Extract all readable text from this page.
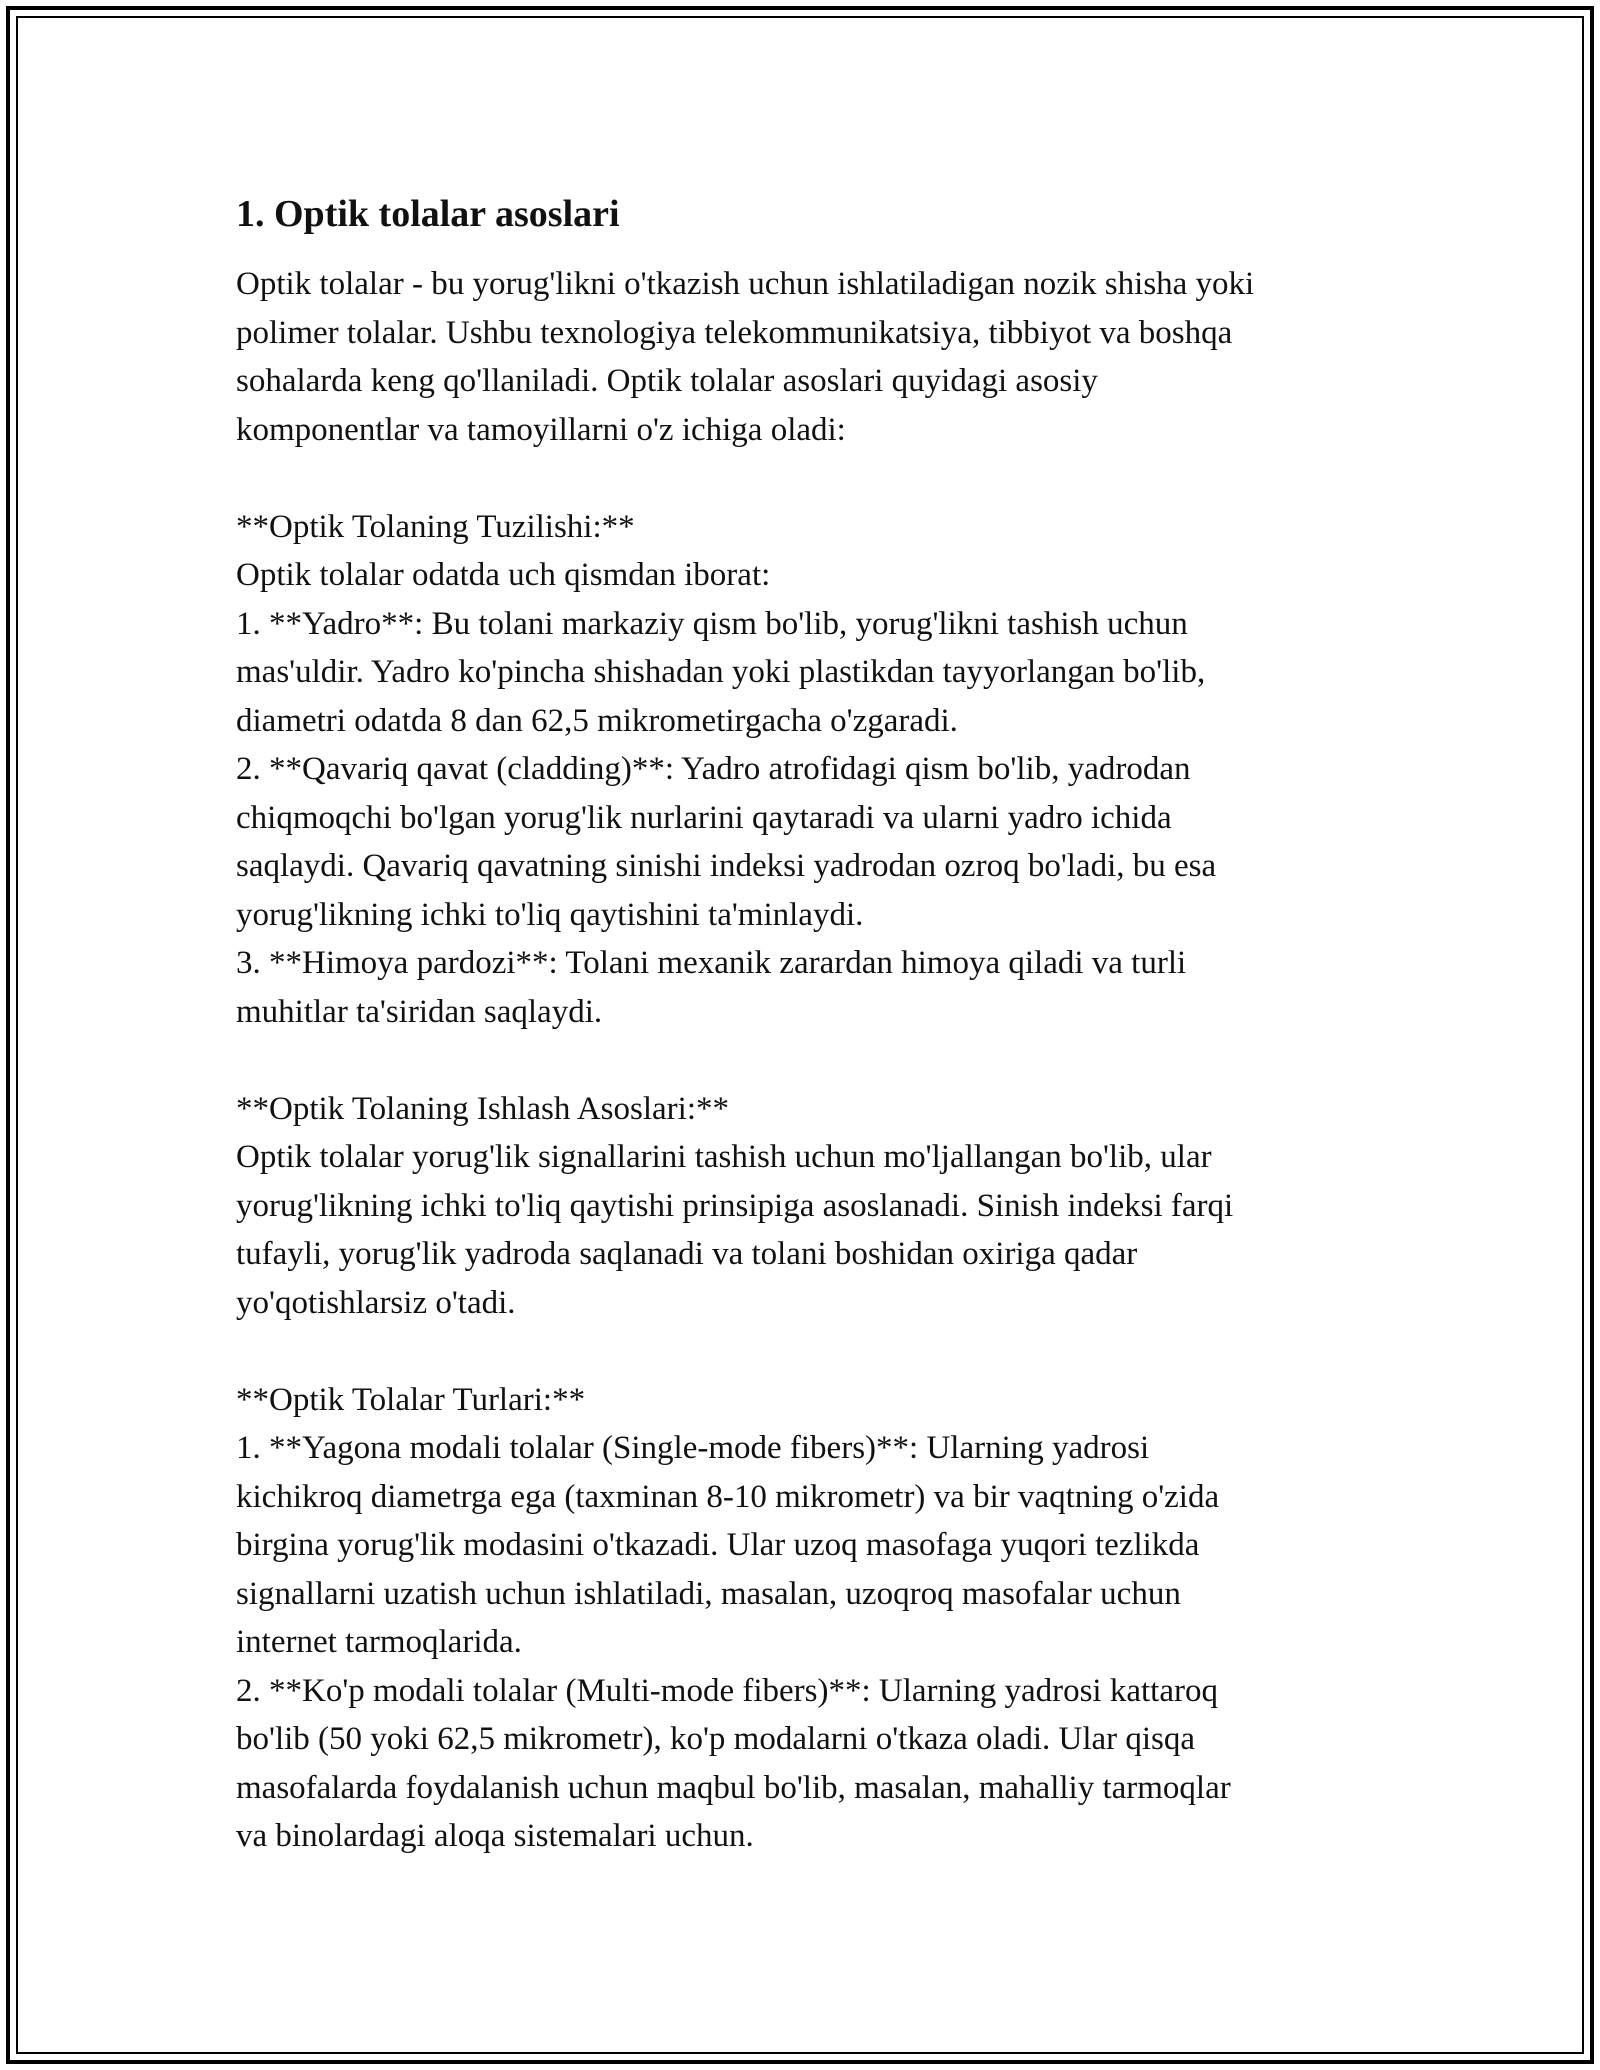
1. Optik tolalar asoslari
Optik tolalar - bu yorug'likni o'tkazish uchun ishlatiladigan nozik shisha yoki
polimer tolalar. Ushbu texnologiya telekommunikatsiya, tibbiyot va boshqa
sohalarda keng qo'llaniladi. Optik tolalar asoslari quyidagi asosiy
komponentlar va tamoyillarni o'z ichiga oladi:
**Optik Tolaning Tuzilishi:**
Optik tolalar odatda uch qismdan iborat:
1. **Yadro**: Bu tolani markaziy qism bo'lib, yorug'likni tashish uchun
mas'uldir. Yadro ko'pincha shishadan yoki plastikdan tayyorlangan bo'lib,
diametri odatda 8 dan 62,5 mikrometirgacha o'zgaradi.
2. **Qavariq qavat (cladding)**: Yadro atrofidagi qism bo'lib, yadrodan
chiqmoqchi bo'lgan yorug'lik nurlarini qaytaradi va ularni yadro ichida
saqlaydi. Qavariq qavatning sinishi indeksi yadrodan ozroq bo'ladi, bu esa
yorug'likning ichki to'liq qaytishini ta'minlaydi.
3. **Himoya pardozi**: Tolani mexanik zarardan himoya qiladi va turli
muhitlar ta'siridan saqlaydi.
**Optik Tolaning Ishlash Asoslari:**
Optik tolalar yorug'lik signallarini tashish uchun mo'ljallangan bo'lib, ular
yorug'likning ichki to'liq qaytishi prinsipiga asoslanadi. Sinish indeksi farqi
tufayli, yorug'lik yadroda saqlanadi va tolani boshidan oxiriga qadar
yo'qotishlarsiz o'tadi.
**Optik Tolalar Turlari:**
1. **Yagona modali tolalar (Single-mode fibers)**: Ularning yadrosi
kichikroq diametrga ega (taxminan 8-10 mikrometr) va bir vaqtning o'zida
birgina yorug'lik modasini o'tkazadi. Ular uzoq masofaga yuqori tezlikda
signallarni uzatish uchun ishlatiladi, masalan, uzoqroq masofalar uchun
internet tarmoqlarida.
2. **Ko'p modali tolalar (Multi-mode fibers)**: Ularning yadrosi kattaroq
bo'lib (50 yoki 62,5 mikrometr), ko'p modalarni o'tkaza oladi. Ular qisqa
masofalarda foydalanish uchun maqbul bo'lib, masalan, mahalliy tarmoqlar
va binolardagi aloqa sistemalari uchun.
